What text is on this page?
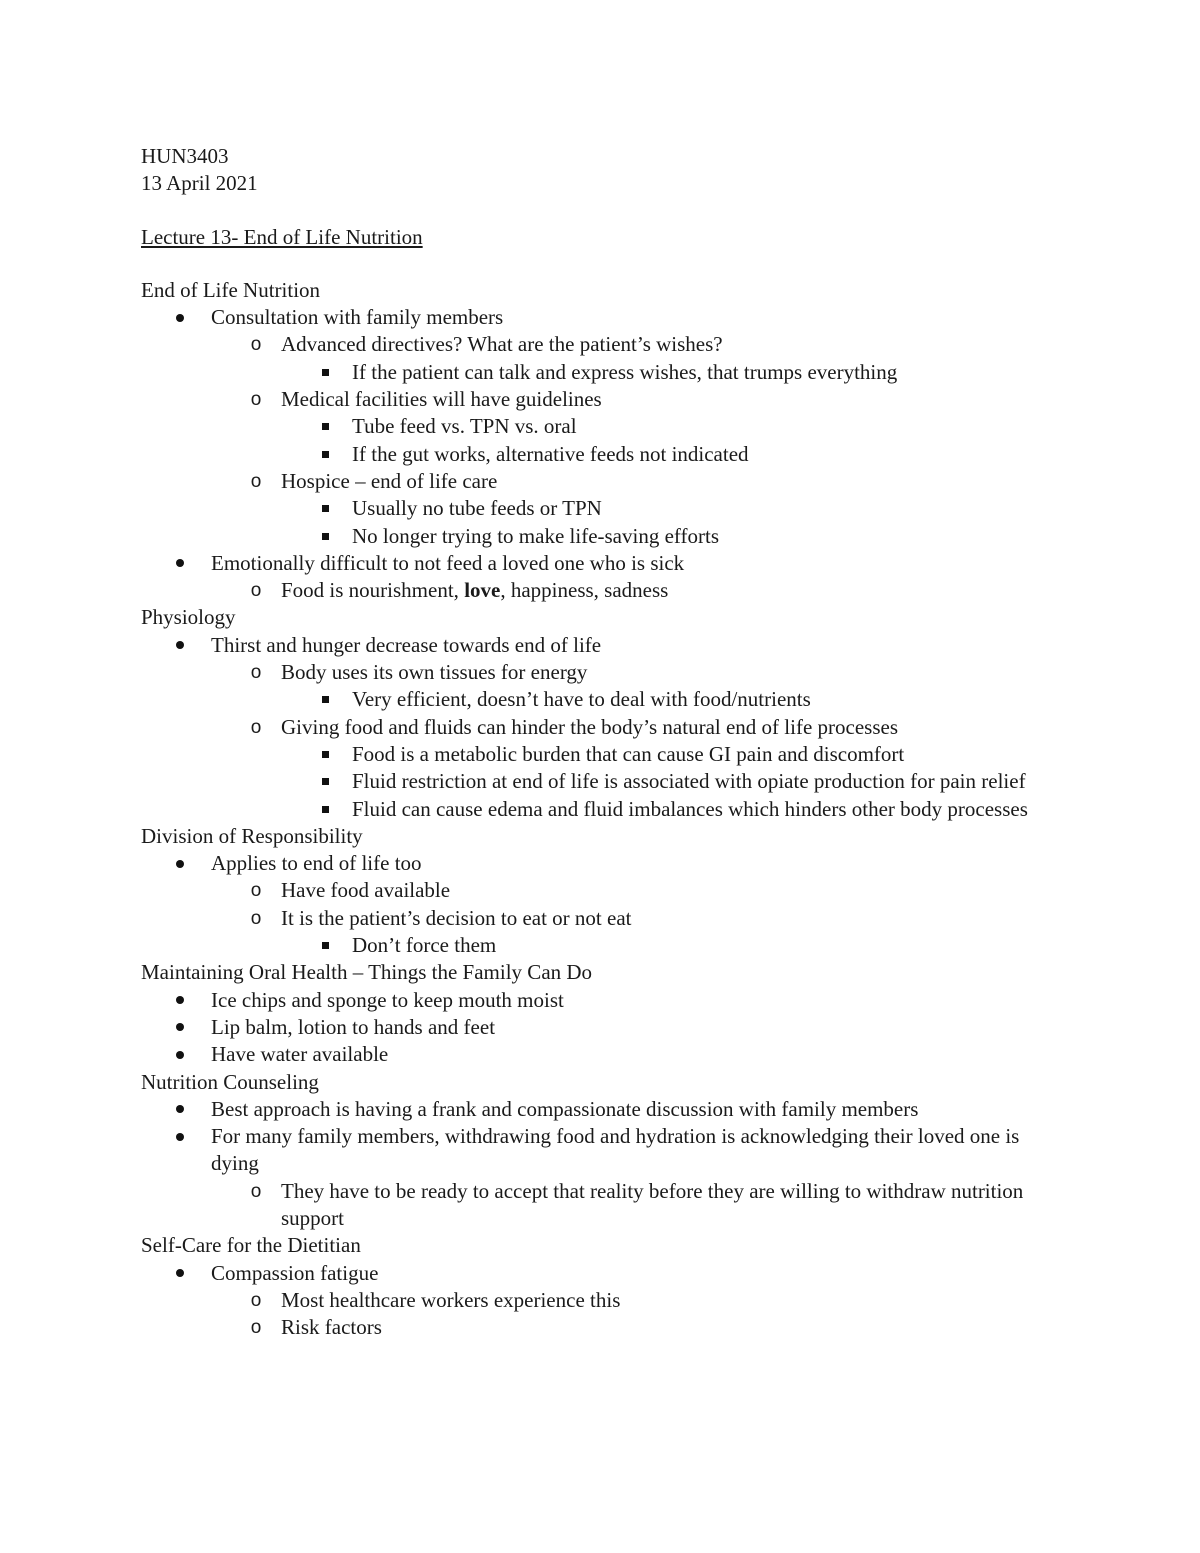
HUN3403
13 April 2021
Lecture 13- End of Life Nutrition
End of Life Nutrition
Consultation with family members
o Advanced directives? What are the patient’s wishes?
If the patient can talk and express wishes, that trumps everything
o Medical facilities will have guidelines
Tube feed vs. TPN vs. oral
If the gut works, alternative feeds not indicated
o Hospice – end of life care
Usually no tube feeds or TPN
No longer trying to make life-saving efforts
Emotionally difficult to not feed a loved one who is sick
o Food is nourishment, love, happiness, sadness
Physiology
Thirst and hunger decrease towards end of life
o Body uses its own tissues for energy
Very efficient, doesn’t have to deal with food/nutrients
o Giving food and fluids can hinder the body’s natural end of life processes
Food is a metabolic burden that can cause GI pain and discomfort
Fluid restriction at end of life is associated with opiate production for pain relief
Fluid can cause edema and fluid imbalances which hinders other body processes
Division of Responsibility
Applies to end of life too
o Have food available
o It is the patient’s decision to eat or not eat
Don’t force them
Maintaining Oral Health – Things the Family Can Do
Ice chips and sponge to keep mouth moist
Lip balm, lotion to hands and feet
Have water available
Nutrition Counseling
Best approach is having a frank and compassionate discussion with family members
For many family members, withdrawing food and hydration is acknowledging their loved one is dying
o They have to be ready to accept that reality before they are willing to withdraw nutrition support
Self-Care for the Dietitian
Compassion fatigue
o Most healthcare workers experience this
o Risk factors
